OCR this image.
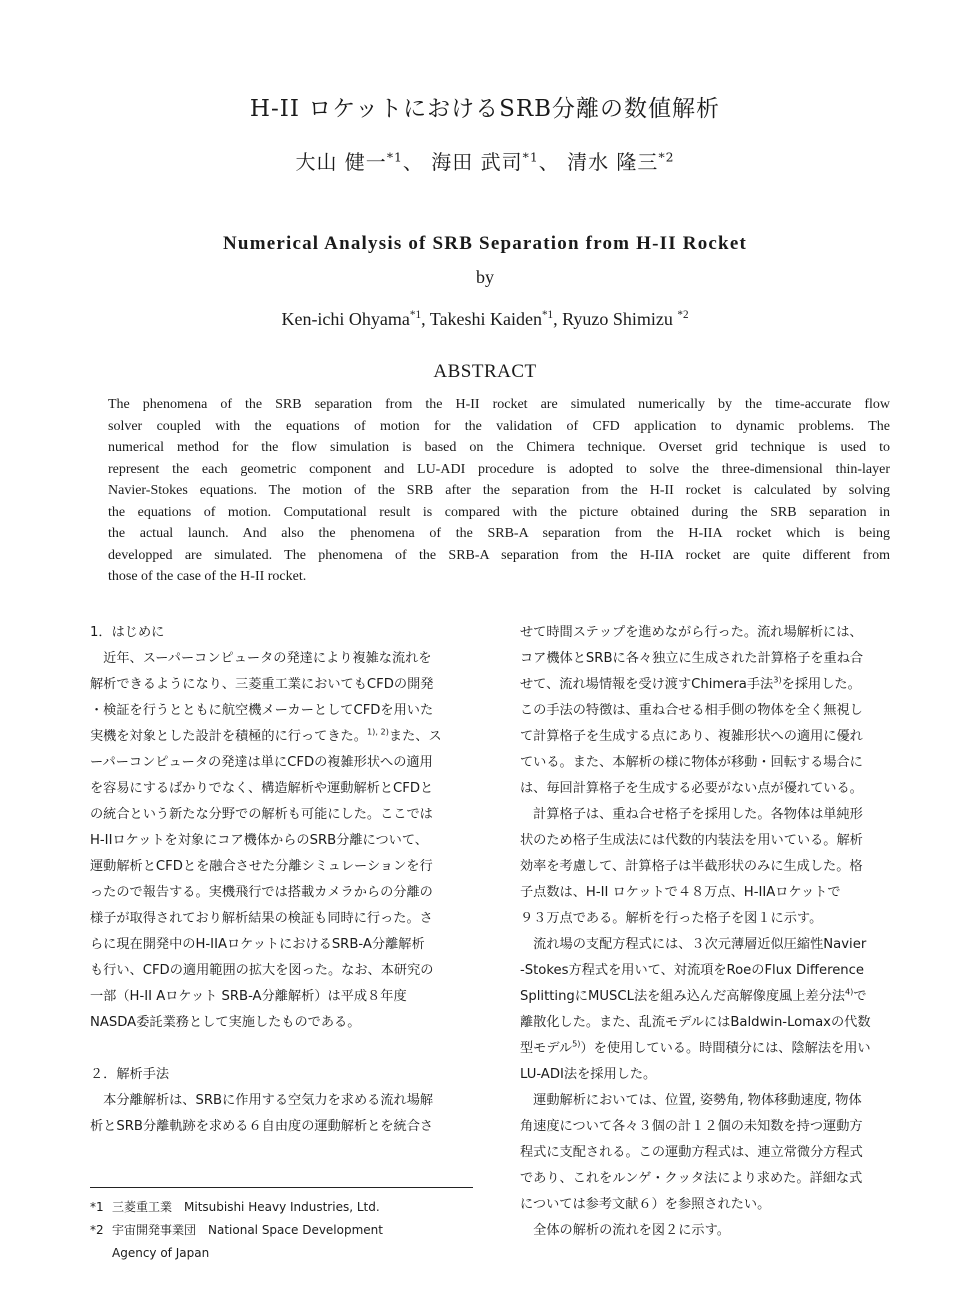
H-II ロケットにおけるSRB分離の数値解析
大山 健一$^{*1}$、 海田 武司$^{*1}$、 清水 隆三$^{*2}$
Numerical Analysis of SRB Separation from H-II Rocket
by
Ken-ichi Ohyama$^{*1}$, Takeshi Kaiden$^{*1}$, Ryuzo Shimizu $^{*2}$
ABSTRACT
The phenomena of the SRB separation from the H-II rocket are simulated numerically by the time-accurate flow
solver coupled with the equations of motion for the validation of CFD application to dynamic problems. The
numerical method for the flow simulation is based on the Chimera technique. Overset grid technique is used to
represent the each geometric component and LU-ADI procedure is adopted to solve the three-dimensional thin-layer
Navier-Stokes equations. The motion of the SRB after the separation from the H-II rocket is calculated by solving
the equations of motion. Computational result is compared with the picture obtained during the SRB separation in
the actual launch. And also the phenomena of the SRB-A separation from the H-IIA rocket which is being
developped are simulated. The phenomena of the SRB-A separation from the H-IIA rocket are quite different from
those of the case of the H-II rocket.
1．はじめに
　近年、スーパーコンピュータの発達により複雑な流れを
解析できるようになり、三菱重工業においてもCFDの開発
・検証を行うとともに航空機メーカーとしてCFDを用いた
実機を対象とした設計を積極的に行ってきた。$^{1), 2)}$また、ス
ーパーコンピュータの発達は単にCFDの複雑形状への適用
を容易にするばかりでなく、構造解析や運動解析とCFDと
の統合という新たな分野での解析も可能にした。ここでは
H-IIロケットを対象にコア機体からのSRB分離について、
運動解析とCFDとを融合させた分離シミュレーションを行
ったので報告する。実機飛行では搭載カメラからの分離の
様子が取得されており解析結果の検証も同時に行った。さ
らに現在開発中のH-IIAロケットにおけるSRB-A分離解析
も行い、CFDの適用範囲の拡大を図った。なお、本研究の
一部（H-II Aロケット SRB-A分離解析）は平成８年度
NASDA委託業務として実施したものである。
２．解析手法
　本分離解析は、SRBに作用する空気力を求める流れ場解
析とSRB分離軌跡を求める６自由度の運動解析とを統合さ
せて時間ステップを進めながら行った。流れ場解析には、
コア機体とSRBに各々独立に生成された計算格子を重ね合
せて、流れ場情報を受け渡すChimera手法$^{3)}$を採用した。
この手法の特徴は、重ね合せる相手側の物体を全く無視し
て計算格子を生成する点にあり、複雑形状への適用に優れ
ている。また、本解析の様に物体が移動・回転する場合に
は、毎回計算格子を生成する必要がない点が優れている。
　計算格子は、重ね合せ格子を採用した。各物体は単純形
状のため格子生成法には代数的内装法を用いている。解析
効率を考慮して、計算格子は半截形状のみに生成した。格
子点数は、H-II ロケットで４８万点、H-IIAロケットで
９３万点である。解析を行った格子を図１に示す。
　流れ場の支配方程式には、３次元薄層近似圧縮性Navier
-Stokes方程式を用いて、対流項をRoeのFlux Difference
SplittingにMUSCL法を組み込んだ高解像度風上差分法$^{4)}$で
離散化した。また、乱流モデルにはBaldwin-Lomaxの代数
型モデル$^{5)}$）を使用している。時間積分には、陰解法を用い
LU-ADI法を採用した。
　運動解析においては、位置, 姿勢角, 物体移動速度, 物体
角速度について各々３個の計１２個の未知数を持つ運動方
程式に支配される。この運動方程式は、連立常微分方程式
であり、これをルンゲ・クッタ法により求めた。詳細な式
については参考文献６）を参照されたい。
　全体の解析の流れを図２に示す。
*1 三菱重工業　Mitsubishi Heavy Industries, Ltd.
*2 宇宙開発事業団　National Space Development
Agency of Japan
